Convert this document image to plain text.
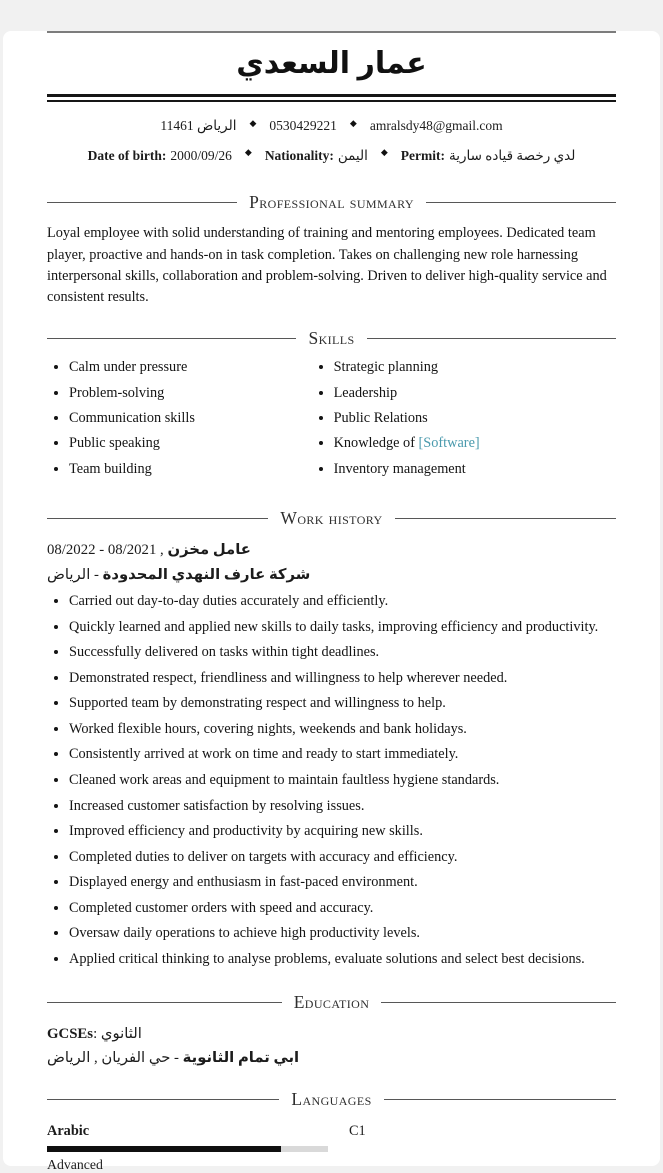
عمار السعدي
الرياض 11461 ◆ 0530429221 ◆ amralsdy48@gmail.com
Date of birth: 2000/09/26 ◆ Nationality: اليمن ◆ Permit: لدي رخصة قياده سارية
Professional summary

Loyal employee with solid understanding of training and mentoring employees. Dedicated team player, proactive and hands-on in task completion. Takes on challenging new role harnessing interpersonal skills, collaboration and problem-solving. Driven to deliver high-quality service and consistent results.

Skills
• Calm under pressure
• Problem-solving
• Communication skills
• Public speaking
• Team building
• Strategic planning
• Leadership
• Public Relations
• Knowledge of [Software]
• Inventory management
Work history

عامل مخزن , 08/2021 - 08/2022

شركة عارف النهدي المحدودة - الرياض

• Carried out day-to-day duties accurately and efficiently.
• Quickly learned and applied new skills to daily tasks, improving efficiency and productivity.
• Successfully delivered on tasks within tight deadlines.
• Demonstrated respect, friendliness and willingness to help wherever needed.
• Supported team by demonstrating respect and willingness to help.
• Worked flexible hours, covering nights, weekends and bank holidays.
• Consistently arrived at work on time and ready to start immediately.
• Cleaned work areas and equipment to maintain faultless hygiene standards.
• Increased customer satisfaction by resolving issues.
• Improved efficiency and productivity by acquiring new skills.
• Completed duties to deliver on targets with accuracy and efficiency.
• Displayed energy and enthusiasm in fast-paced environment.
• Completed customer orders with speed and accuracy.
• Oversaw daily operations to achieve high productivity levels.
• Applied critical thinking to analyse problems, evaluate solutions and select best decisions.
Education

GCSEs: الثانوي

ابي تمام الثانوية - حي الفريان , الرياض

Languages
Arabic	C1
Advanced
